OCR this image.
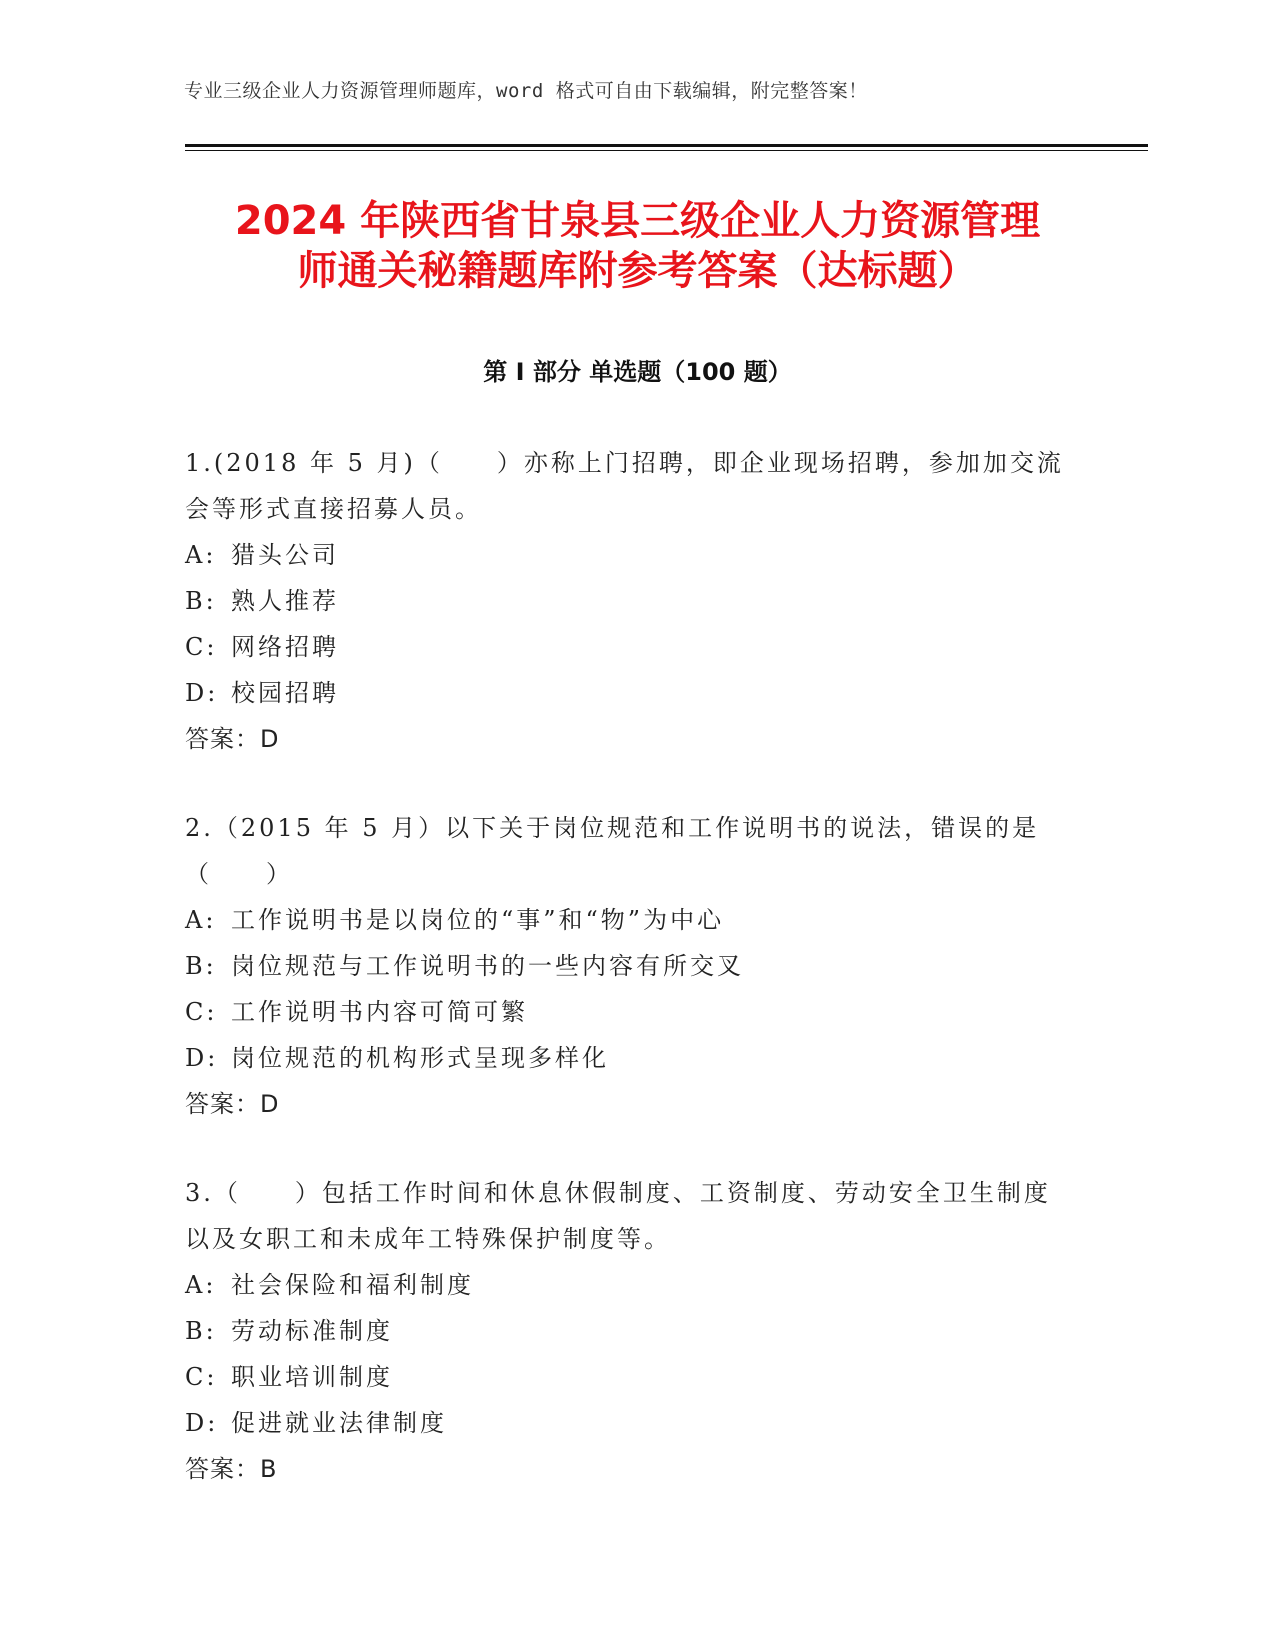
专业三级企业人力资源管理师题库，word 格式可自由下载编辑，附完整答案！
2024 年陕西省甘泉县三级企业人力资源管理
师通关秘籍题库附参考答案（达标题）
第 I 部分 单选题（100 题）

1.(2018 年 5 月)（　　）亦称上门招聘，即企业现场招聘，参加加交流会等形式直接招募人员。

A: 猎头公司

B: 熟人推荐

C: 网络招聘

D: 校园招聘

答案：D

2.（2015 年 5 月）以下关于岗位规范和工作说明书的说法，错误的是（　　）

A: 工作说明书是以岗位的“事”和“物”为中心

B: 岗位规范与工作说明书的一些内容有所交叉

C: 工作说明书内容可简可繁

D: 岗位规范的机构形式呈现多样化

答案：D

3.（　　）包括工作时间和休息休假制度、工资制度、劳动安全卫生制度以及女职工和未成年工特殊保护制度等。

A: 社会保险和福利制度

B: 劳动标准制度

C: 职业培训制度

D: 促进就业法律制度

答案：B
